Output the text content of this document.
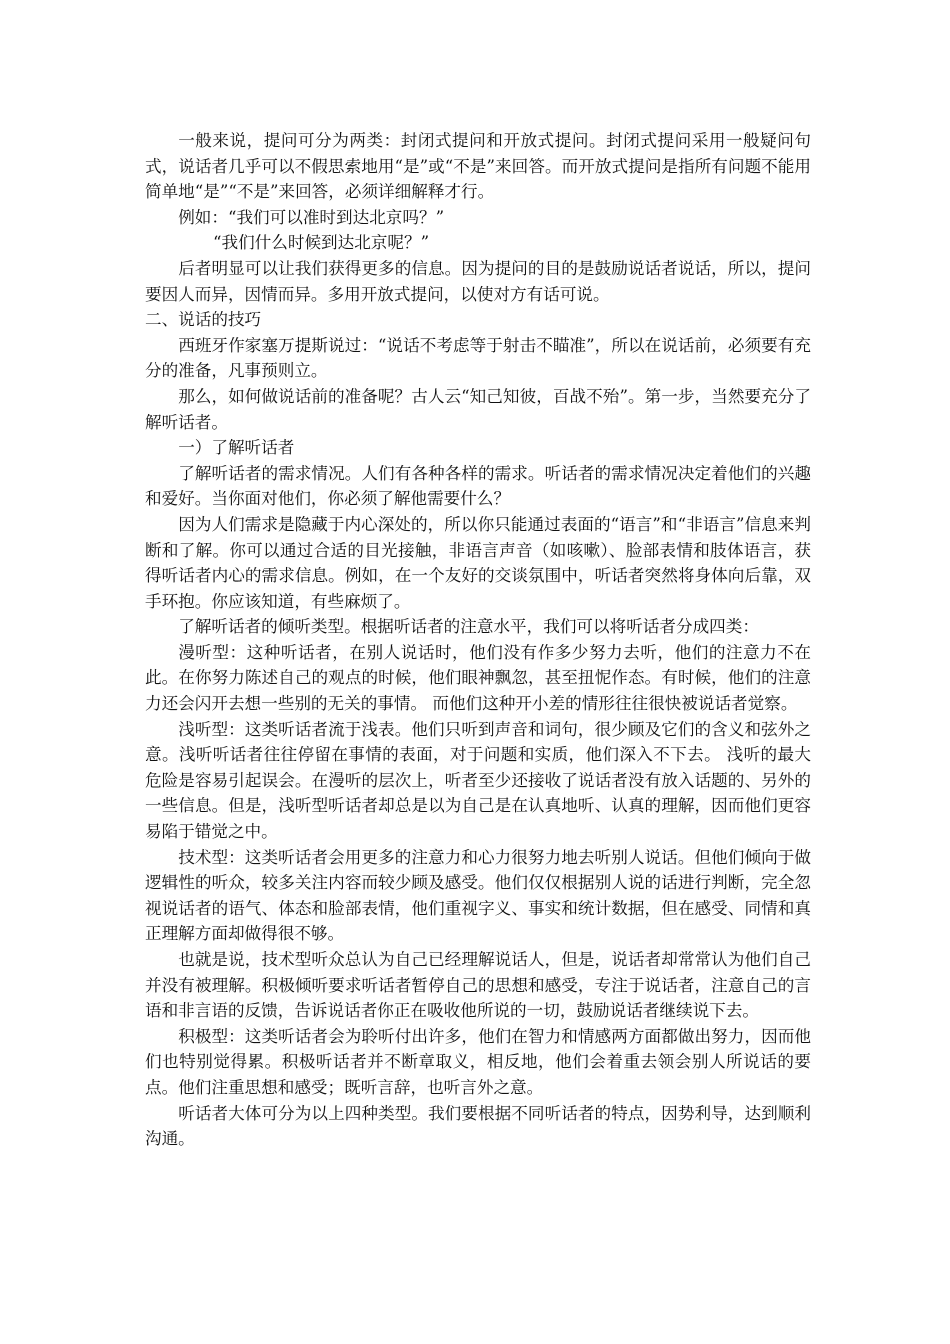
一般来说，提问可分为两类：封闭式提问和开放式提问。封闭式提问采用一般疑问句式，说话者几乎可以不假思索地用“是”或“不是”来回答。而开放式提问是指所有问题不能用简单地“是”“不是”来回答，必须详细解释才行。

例如：“我们可以准时到达北京吗？”

“我们什么时候到达北京呢？”

后者明显可以让我们获得更多的信息。因为提问的目的是鼓励说话者说话，所以，提问要因人而异，因情而异。多用开放式提问，以使对方有话可说。

二、说话的技巧

西班牙作家塞万提斯说过：“说话不考虑等于射击不瞄准”，所以在说话前，必须要有充分的准备，凡事预则立。

那么，如何做说话前的准备呢？古人云“知己知彼，百战不殆”。第一步，当然要充分了解听话者。

一）了解听话者

了解听话者的需求情况。人们有各种各样的需求。听话者的需求情况决定着他们的兴趣和爱好。当你面对他们，你必须了解他需要什么？

因为人们需求是隐藏于内心深处的，所以你只能通过表面的“语言”和“非语言”信息来判断和了解。你可以通过合适的目光接触，非语言声音（如咳嗽）、脸部表情和肢体语言，获得听话者内心的需求信息。例如，在一个友好的交谈氛围中，听话者突然将身体向后靠，双手环抱。你应该知道，有些麻烦了。

了解听话者的倾听类型。根据听话者的注意水平，我们可以将听话者分成四类：

漫听型：这种听话者，在别人说话时，他们没有作多少努力去听，他们的注意力不在此。在你努力陈述自己的观点的时候，他们眼神飘忽，甚至扭怩作态。有时候，他们的注意力还会闪开去想一些别的无关的事情。 而他们这种开小差的情形往往很快被说话者觉察。

浅听型：这类听话者流于浅表。他们只听到声音和词句，很少顾及它们的含义和弦外之意。浅听听话者往往停留在事情的表面，对于问题和实质，他们深入不下去。 浅听的最大危险是容易引起误会。在漫听的层次上，听者至少还接收了说话者没有放入话题的、另外的一些信息。但是，浅听型听话者却总是以为自己是在认真地听、认真的理解，因而他们更容易陷于错觉之中。

技术型：这类听话者会用更多的注意力和心力很努力地去听别人说话。但他们倾向于做逻辑性的听众，较多关注内容而较少顾及感受。他们仅仅根据别人说的话进行判断，完全忽视说话者的语气、体态和脸部表情，他们重视字义、事实和统计数据，但在感受、同情和真正理解方面却做得很不够。

也就是说，技术型听众总认为自己已经理解说话人，但是，说话者却常常认为他们自己并没有被理解。积极倾听要求听话者暂停自己的思想和感受，专注于说话者，注意自己的言语和非言语的反馈，告诉说话者你正在吸收他所说的一切，鼓励说话者继续说下去。

积极型：这类听话者会为聆听付出许多，他们在智力和情感两方面都做出努力，因而他们也特别觉得累。积极听话者并不断章取义，相反地，他们会着重去领会别人所说话的要点。他们注重思想和感受；既听言辞，也听言外之意。

听话者大体可分为以上四种类型。我们要根据不同听话者的特点，因势利导，达到顺利沟通。
